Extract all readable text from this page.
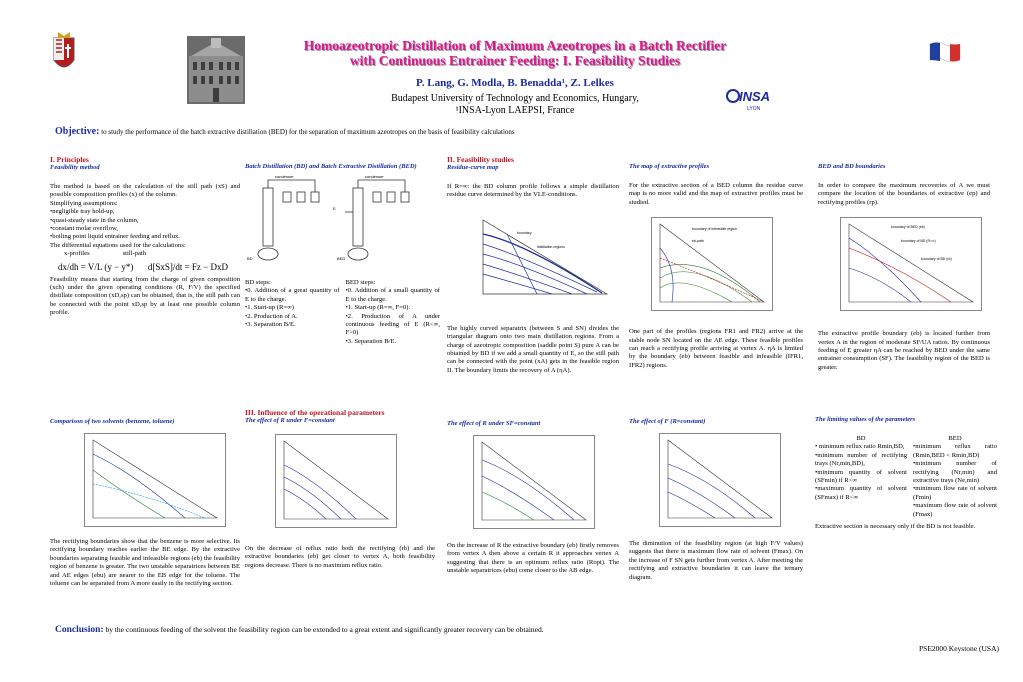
INSA
LYON
Homoazeotropic Distillation of Maximum Azeotropes in a Batch Rectifier
with Continuous Entrainer Feeding: I. Feasibility Studies
P. Lang, G. Modla, B. Benadda¹, Z. Lelkes
Budapest University of Technology and Economics, Hungary,
¹INSA-Lyon LAEPSI, France
Objective: to study the performance of the batch extractive distillation (BED) for the separation of maximum azeotropes on the basis of feasibility calculations
I. Principles
Feasibility method
The method is based on the calculation of the still path (xS) and possible composition profiles (x) of the column.
Simplifying assumptions:
•negligible tray hold-up,
•quasi-steady state in the column,
•constant molar overflow,
•boiling point liquid entrainer feeding and reflux.
The differential equations used for the calculations:
x-profiles                    still-path
dx/dh = V/L (y − y*) d[SxS]/dt = Fz − DxD
Feasibility means that starting from the charge of given composition (xch) under the given operating conditions (R, F/V) the specified distillate composition (xD,sp) can be obtained, that is, the still path can be connected with the point xD,sp by at least one possible column profile.
Batch Distillation (BD) and Batch Extractive Distillation (BED)
BD	BED
condenser	condenser
E
BD steps:
•0. Addition of a great quantity of E to the charge.
•1. Start-up (R=∞)
•2. Production of A.
•3. Separation B/E.
BED steps:
•0. Addition of a small quantity of E to the charge.
•1. Start-up (R=∞, F=0).
•2. Production of A under continuous feeding of E (R<∞, F>0)
•3. Separation B/E.
II. Feasibility studies
Residue-curve map
If R=∞: the BD column profile follows a simple distillation residue curve determined by the VLE-conditions.
boundary
distillation regions
The highly curved separatrix (between S and SN) divides the triangular diagram onto two main distillation regions. From a charge of azeotropic composition (saddle point S) pure A can be obtained by BD if we add a small quantity of E, so the still path can be connected with the point (xA) gets in the feasible region II. The boundary limits the recovery of A (ηA).
The map of extractive profiles
For the extractive section of a BED column the residue curve map is no more valid and the map of extractive profiles must be studied.
boundary of infeasible region
eb-path
One part of the profiles (regions FR1 and FR2) arrive at the stable node SN located on the AE edge. These feasible profiles can reach a rectifying profile arriving at vertex A. ηA is limited by the boundary (eb) between feasible and infeasible (IFR1, IFR2) regions.
BED and BD boundaries
In order to compare the maximum recoveries of A we must compare the location of the boundaries of extractive (ep) and rectifying profiles (rp).
boundary of BED (eb)
boundary of BD (R=∞)
boundary of BD (rb)
The extractive profile boundary (eb) is located further from vertex A in the region of moderate SF/UA ratios. By continuous feeding of E greater ηA can be reached by BED under the same entrainer consumption (SF). The feasibility region of the BED is greater.
Comparison of two solvents (benzene, toluene)
The rectifying boundaries show that the benzene is more selective. Its rectifying boundary reaches earlier the BE edge. By the extractive boundaries separating feasible and infeasible regions (eb) the feasibility region of benzene is greater. The two unstable separatrices between BE and AE edges (ebu) are nearer to the EB edge for the toluene. The toluene can be separated from A more easily in the rectifying section.
III. Influence of the operational parameters
The effect of R under F=constant
On the decrease of reflux ratio both the rectifying (rb) and the extractive boundaries (eb) get closer to vertex A, both feasibility regions decrease. There is no maximum reflux ratio.
The effect of R under SF=constant
On the increase of R the extractive boundary (eb) firstly removes from vertex A then above a certain R it approaches vertex A suggesting that there is an optimum reflux ratio (Ropt). The unstable separatrices (ebu) come closer to the AB edge.
The effect of F (R=constant)
The diminution of the feasibility region (at high F/V values) suggests that there is maximum flow rate of solvent (Fmax). On the increase of F SN gets further from vertex A. After meeting the rectifying and extractive boundaries it can leave the ternary diagram.
The limiting values of the parameters
BD
• minimum reflux ratio Rmin,BD,
•minimum number of rectifying trays (Nr,min,BD),
•minimum quantity of solvent (SFmin) if R<∞
•maximum quantity of solvent (SFmax) if R<∞
BED
•minimum reflux ratio (Rmin,BED < Rmin,BD)
•minimum number of rectifying (Nr,min) and extractive trays (Ne,min)
•minimum flow rate of solvent (Fmin)
•maximum flow rate of solvent (Fmax)
Extractive section is necessary only if the BD is not feasible.
Conclusion: by the continuous feeding of the solvent the feasibility region can be extended to a great extent and significantly greater recovery can be obtained.
PSE2000 Keystone (USA)
